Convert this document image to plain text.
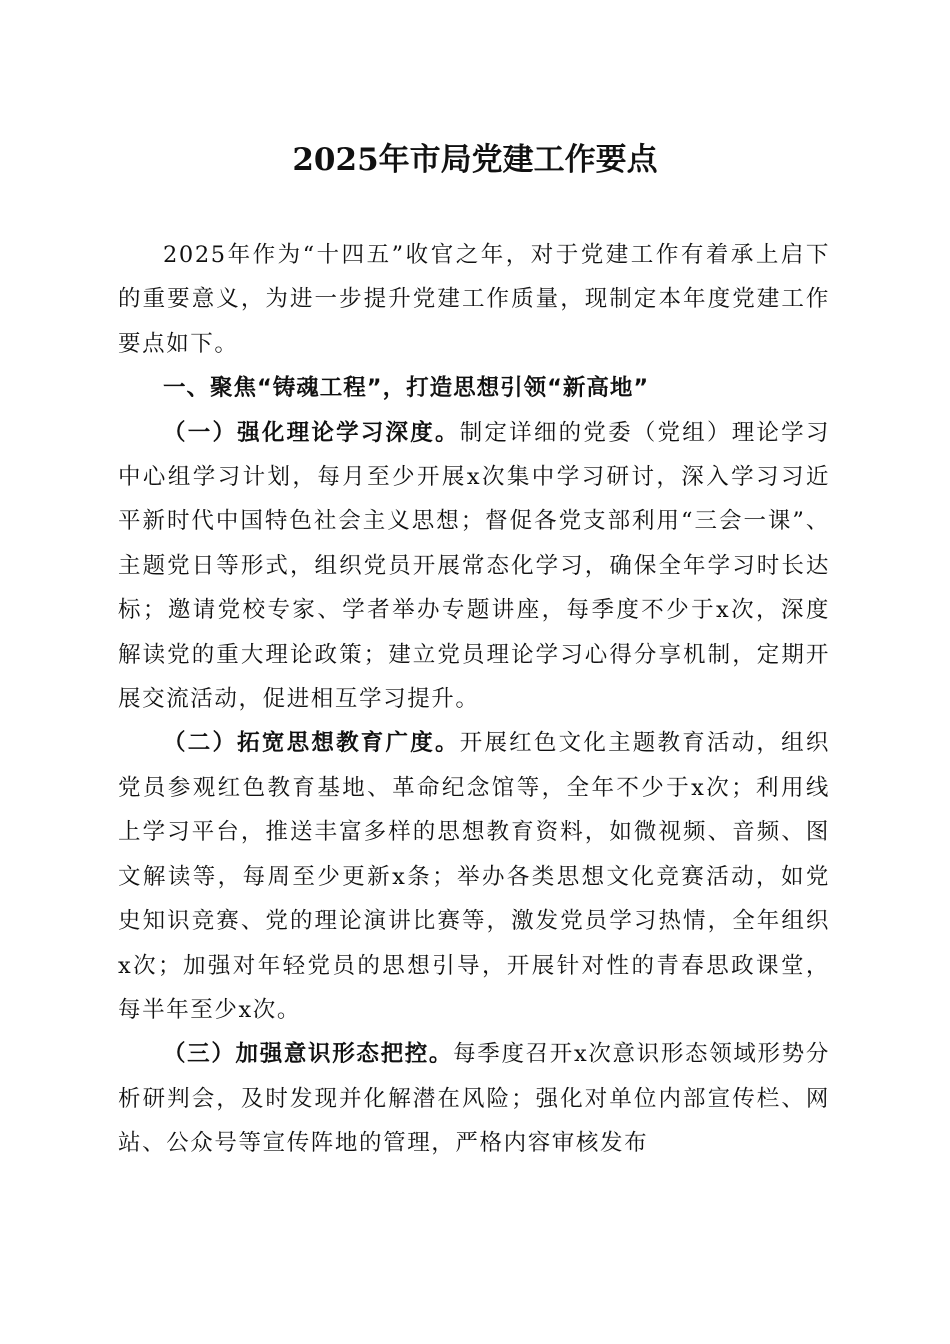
2025年市局党建工作要点

2025年作为“十四五”收官之年，对于党建工作有着承上启下的重要意义，为进一步提升党建工作质量，现制定本年度党建工作要点如下。

一、聚焦“铸魂工程”，打造思想引领“新高地”

（一）强化理论学习深度。制定详细的党委（党组）理论学习中心组学习计划，每月至少开展x次集中学习研讨，深入学习习近平新时代中国特色社会主义思想；督促各党支部利用“三会一课”、主题党日等形式，组织党员开展常态化学习，确保全年学习时长达标；邀请党校专家、学者举办专题讲座，每季度不少于x次，深度解读党的重大理论政策；建立党员理论学习心得分享机制，定期开展交流活动，促进相互学习提升。

（二）拓宽思想教育广度。开展红色文化主题教育活动，组织党员参观红色教育基地、革命纪念馆等，全年不少于x次；利用线上学习平台，推送丰富多样的思想教育资料，如微视频、音频、图文解读等，每周至少更新x条；举办各类思想文化竞赛活动，如党史知识竞赛、党的理论演讲比赛等，激发党员学习热情，全年组织x次；加强对年轻党员的思想引导，开展针对性的青春思政课堂，每半年至少x次。

（三）加强意识形态把控。每季度召开x次意识形态领域形势分析研判会，及时发现并化解潜在风险；强化对单位内部宣传栏、网站、公众号等宣传阵地的管理，严格内容审核发布
